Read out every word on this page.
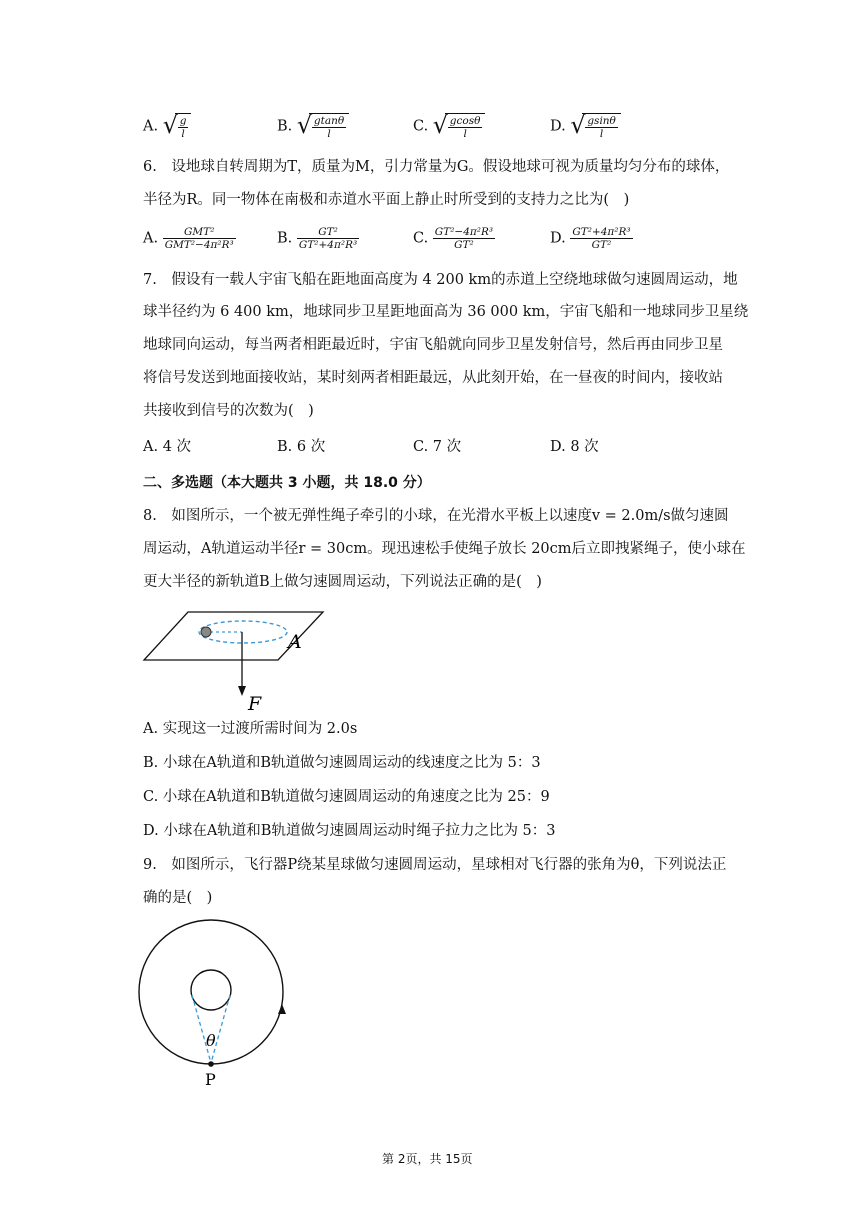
A. √ $\frac{g}{l}$	B. √ $\frac{gtan\theta}{l}$	C. √ $\frac{gcos\theta}{l}$	D. √ $\frac{gsin\theta}{l}$
6.　设地球自转周期为T，质量为M，引力常量为G。假设地球可视为质量均匀分布的球体，
半径为R。同一物体在南极和赤道水平面上静止时所受到的支持力之比为(　)
A. $\frac{\text{GMT²}}{\text{GMT²−4π²R³}}$	B. $\frac{\text{GT²}}{\text{GT²+4π²R³}}$	C. $\frac{\text{GT²−4π²R³}}{\text{GT²}}$	D. $\frac{\text{GT²+4π²R³}}{\text{GT²}}$
7.　假设有一载人宇宙飞船在距地面高度为 4 200 km的赤道上空绕地球做匀速圆周运动，地
球半径约为 6 400 km，地球同步卫星距地面高为 36 000 km，宇宙飞船和一地球同步卫星绕
地球同向运动，每当两者相距最近时，宇宙飞船就向同步卫星发射信号，然后再由同步卫星
将信号发送到地面接收站，某时刻两者相距最远，从此刻开始，在一昼夜的时间内，接收站
共接收到信号的次数为(　)
A. 4 次	B. 6 次	C. 7 次	D. 8 次
二、多选题（本大题共 3 小题，共 18.0 分）
8.　如图所示，一个被无弹性绳子牵引的小球，在光滑水平板上以速度v = 2.0m/s做匀速圆
周运动，A轨道运动半径r = 30cm。现迅速松手使绳子放长 20cm后立即拽紧绳子，使小球在
更大半径的新轨道B上做匀速圆周运动，下列说法正确的是(　)
A
F
A. 实现这一过渡所需时间为 2.0s
B. 小球在A轨道和B轨道做匀速圆周运动的线速度之比为 5：3
C. 小球在A轨道和B轨道做匀速圆周运动的角速度之比为 25：9
D. 小球在A轨道和B轨道做匀速圆周运动时绳子拉力之比为 5：3
9.　如图所示，飞行器P绕某星球做匀速圆周运动，星球相对飞行器的张角为θ，下列说法正
确的是(　)
θ
P
第 2页，共 15页
